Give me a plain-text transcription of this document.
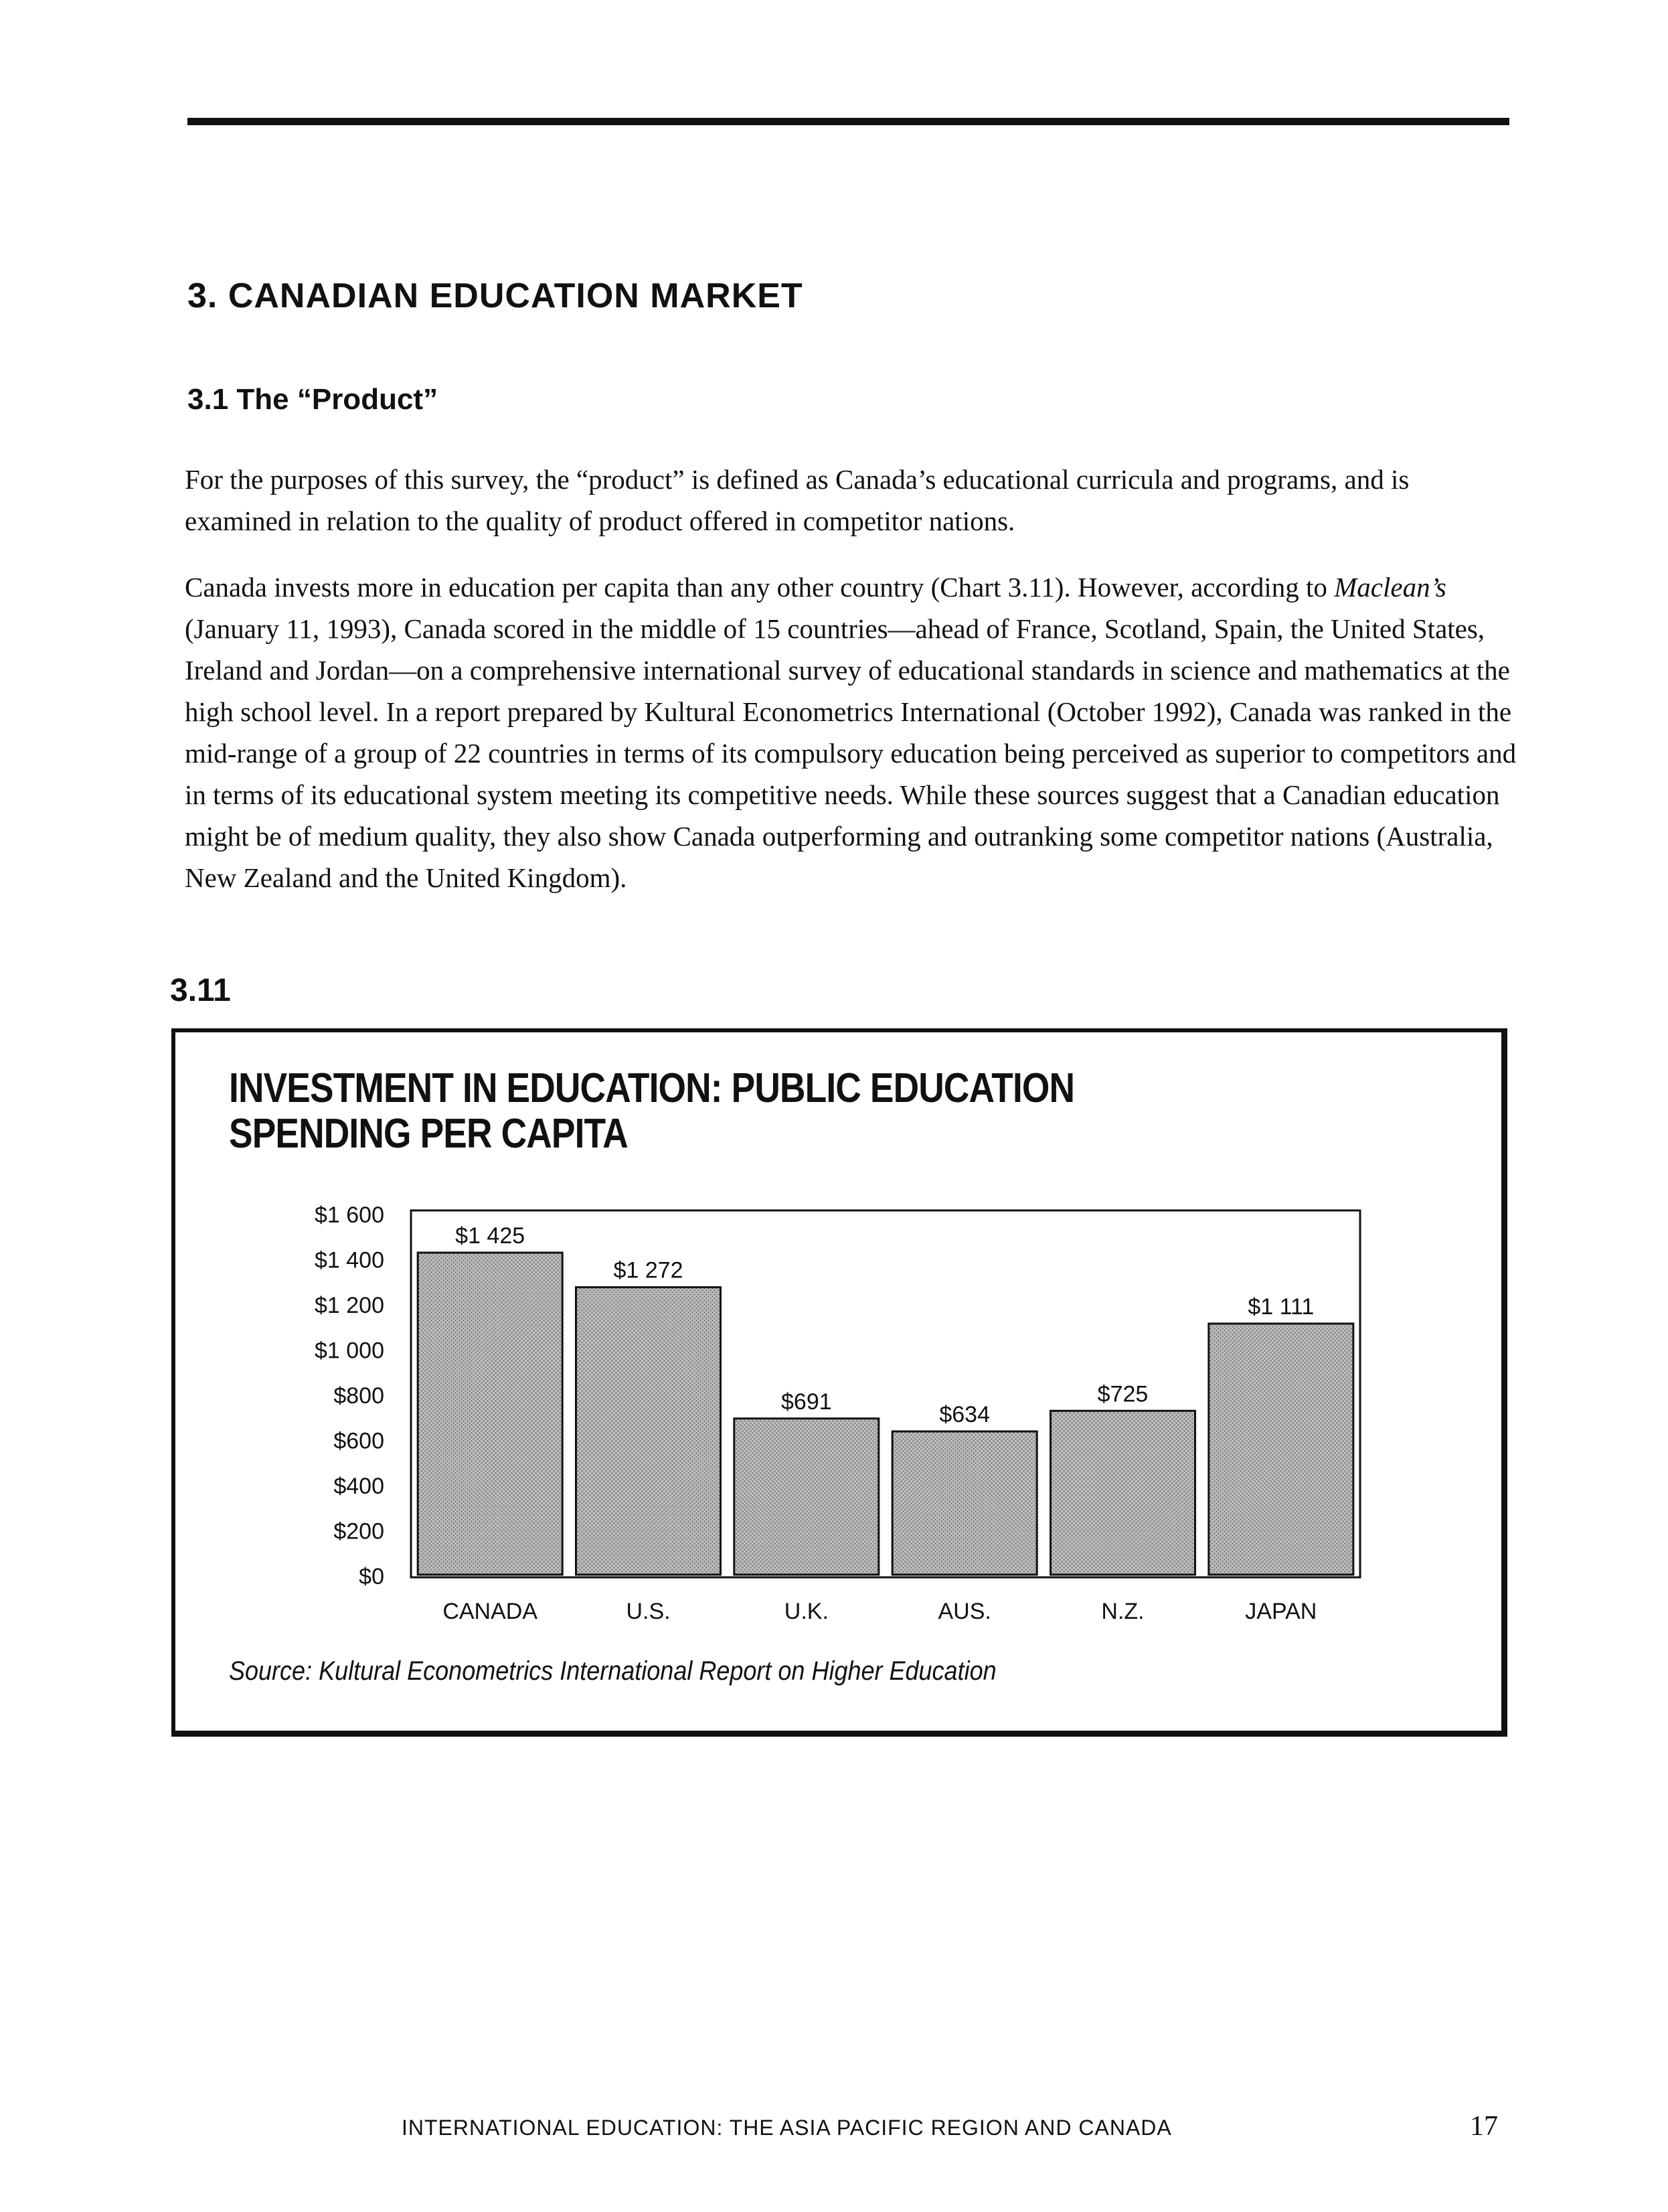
3. CANADIAN EDUCATION MARKET
3.1 The “Product”

For the purposes of this survey, the “product” is defined as Canada’s educational curricula and programs, and is examined in relation to the quality of product offered in competitor nations.

Canada invests more in education per capita than any other country (Chart 3.11). However, according to Maclean’s (January 11, 1993), Canada scored in the middle of 15 countries—ahead of France, Scotland, Spain, the United States, Ireland and Jordan—on a comprehensive international survey of educational standards in science and mathematics at the high school level. In a report prepared by Kultural Econometrics International (October 1992), Canada was ranked in the mid-range of a group of 22 countries in terms of its compulsory education being perceived as superior to competitors and in terms of its educational system meeting its competitive needs. While these sources suggest that a Canadian education might be of medium quality, they also show Canada outperforming and outranking some competitor nations (Australia, New Zealand and the United Kingdom).

3.11
INVESTMENT IN EDUCATION: PUBLIC EDUCATION SPENDING PER CAPITA
$0
$200
$400
$600
$800
$1 000
$1 200
$1 400
$1 600
$1 425
$1 272
$691
$634
$725
$1 111
CANADA	U.S.	U.K.	AUS.	N.Z.	JAPAN
Source: Kultural Econometrics International Report on Higher Education
INTERNATIONAL EDUCATION: THE ASIA PACIFIC REGION AND CANADA	17
